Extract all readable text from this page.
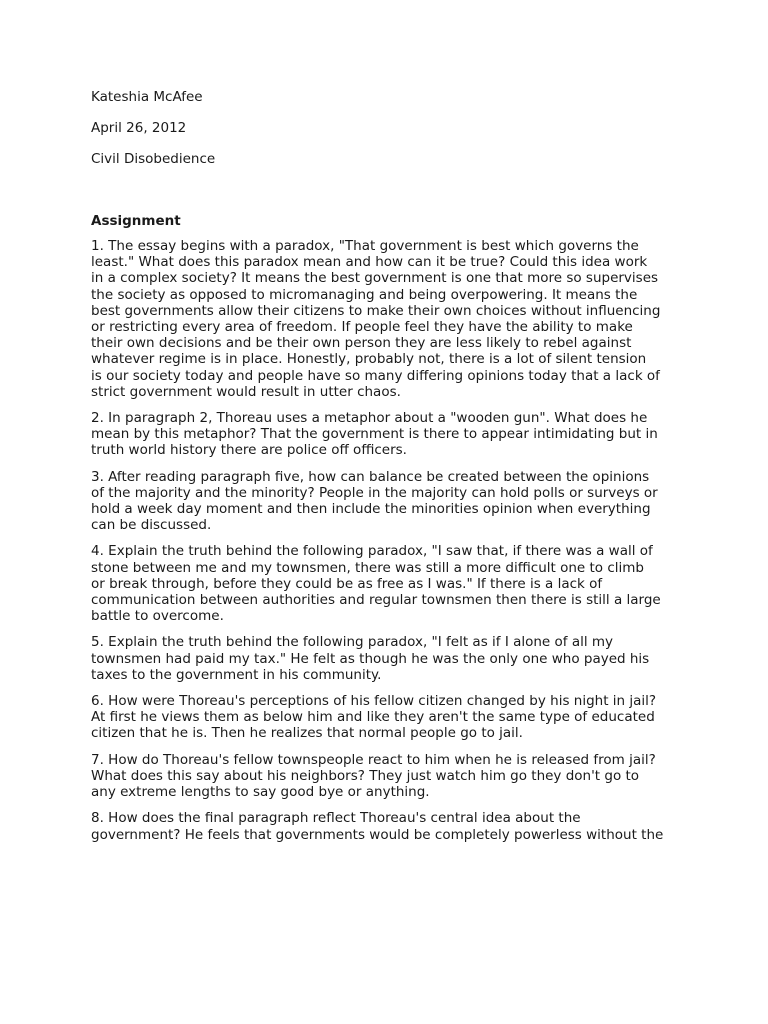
Kateshia McAfee
April 26, 2012
Civil Disobedience
Assignment
1. The essay begins with a paradox, "That government is best which governs the
least." What does this paradox mean and how can it be true? Could this idea work
in a complex society? It means the best government is one that more so supervises
the society as opposed to micromanaging and being overpowering. It means the
best governments allow their citizens to make their own choices without influencing
or restricting every area of freedom. If people feel they have the ability to make
their own decisions and be their own person they are less likely to rebel against
whatever regime is in place. Honestly, probably not, there is a lot of silent tension
is our society today and people have so many differing opinions today that a lack of
strict government would result in utter chaos.
2. In paragraph 2, Thoreau uses a metaphor about a "wooden gun". What does he
mean by this metaphor? That the government is there to appear intimidating but in
truth world history there are police off officers.
3. After reading paragraph five, how can balance be created between the opinions
of the majority and the minority? People in the majority can hold polls or surveys or
hold a week day moment and then include the minorities opinion when everything
can be discussed.
4. Explain the truth behind the following paradox, "I saw that, if there was a wall of
stone between me and my townsmen, there was still a more difficult one to climb
or break through, before they could be as free as I was." If there is a lack of
communication between authorities and regular townsmen then there is still a large
battle to overcome.
5. Explain the truth behind the following paradox, "I felt as if I alone of all my
townsmen had paid my tax." He felt as though he was the only one who payed his
taxes to the government in his community.
6. How were Thoreau's perceptions of his fellow citizen changed by his night in jail?
At first he views them as below him and like they aren't the same type of educated
citizen that he is. Then he realizes that normal people go to jail.
7. How do Thoreau's fellow townspeople react to him when he is released from jail?
What does this say about his neighbors? They just watch him go they don't go to
any extreme lengths to say good bye or anything.
8. How does the final paragraph reflect Thoreau's central idea about the
government? He feels that governments would be completely powerless without the
